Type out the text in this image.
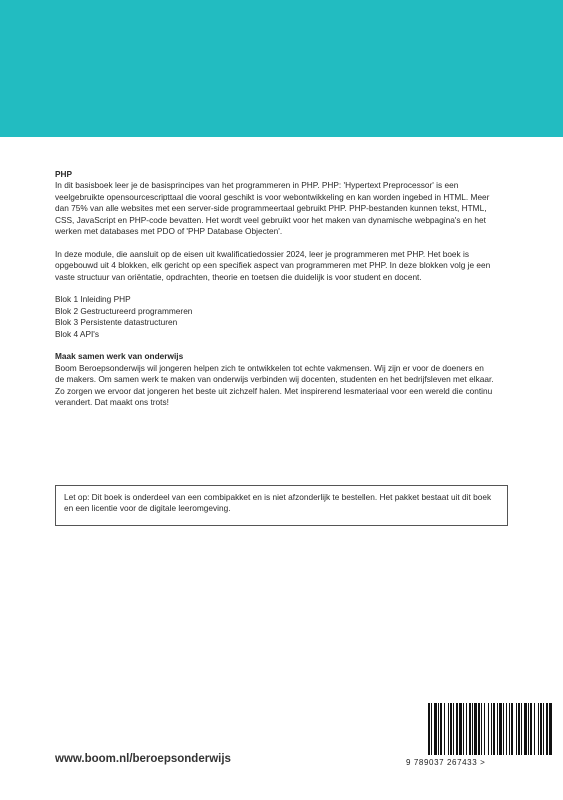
PHP

In dit basisboek leer je de basisprincipes van het programmeren in PHP. PHP: 'Hypertext Preprocessor' is een veelgebruikte opensourcescripttaal die vooral geschikt is voor webontwikkeling en kan worden ingebed in HTML. Meer dan 75% van alle websites met een server-side programmeertaal gebruikt PHP. PHP-bestanden kunnen tekst, HTML, CSS, JavaScript en PHP-code bevatten. Het wordt veel gebruikt voor het maken van dynamische webpagina's en het werken met databases met PDO of 'PHP Database Objecten'.

In deze module, die aansluit op de eisen uit kwalificatiedossier 2024, leer je programmeren met PHP. Het boek is opgebouwd uit 4 blokken, elk gericht op een specifiek aspect van programmeren met PHP. In deze blokken volg je een vaste structuur van oriëntatie, opdrachten, theorie en toetsen die duidelijk is voor student en docent.

Blok 1 Inleiding PHP
Blok 2 Gestructureerd programmeren
Blok 3 Persistente datastructuren
Blok 4 API's

Maak samen werk van onderwijs

Boom Beroepsonderwijs wil jongeren helpen zich te ontwikkelen tot echte vakmensen. Wij zijn er voor de doeners en de makers. Om samen werk te maken van onderwijs verbinden wij docenten, studenten en het bedrijfsleven met elkaar. Zo zorgen we ervoor dat jongeren het beste uit zichzelf halen. Met inspirerend lesmateriaal voor een wereld die continu verandert. Dat maakt ons trots!

Let op: Dit boek is onderdeel van een combipakket en is niet afzonderlijk te bestellen. Het pakket bestaat uit dit boek en een licentie voor de digitale leeromgeving.
www.boom.nl/beroepsonderwijs	9 789037 267433 >
